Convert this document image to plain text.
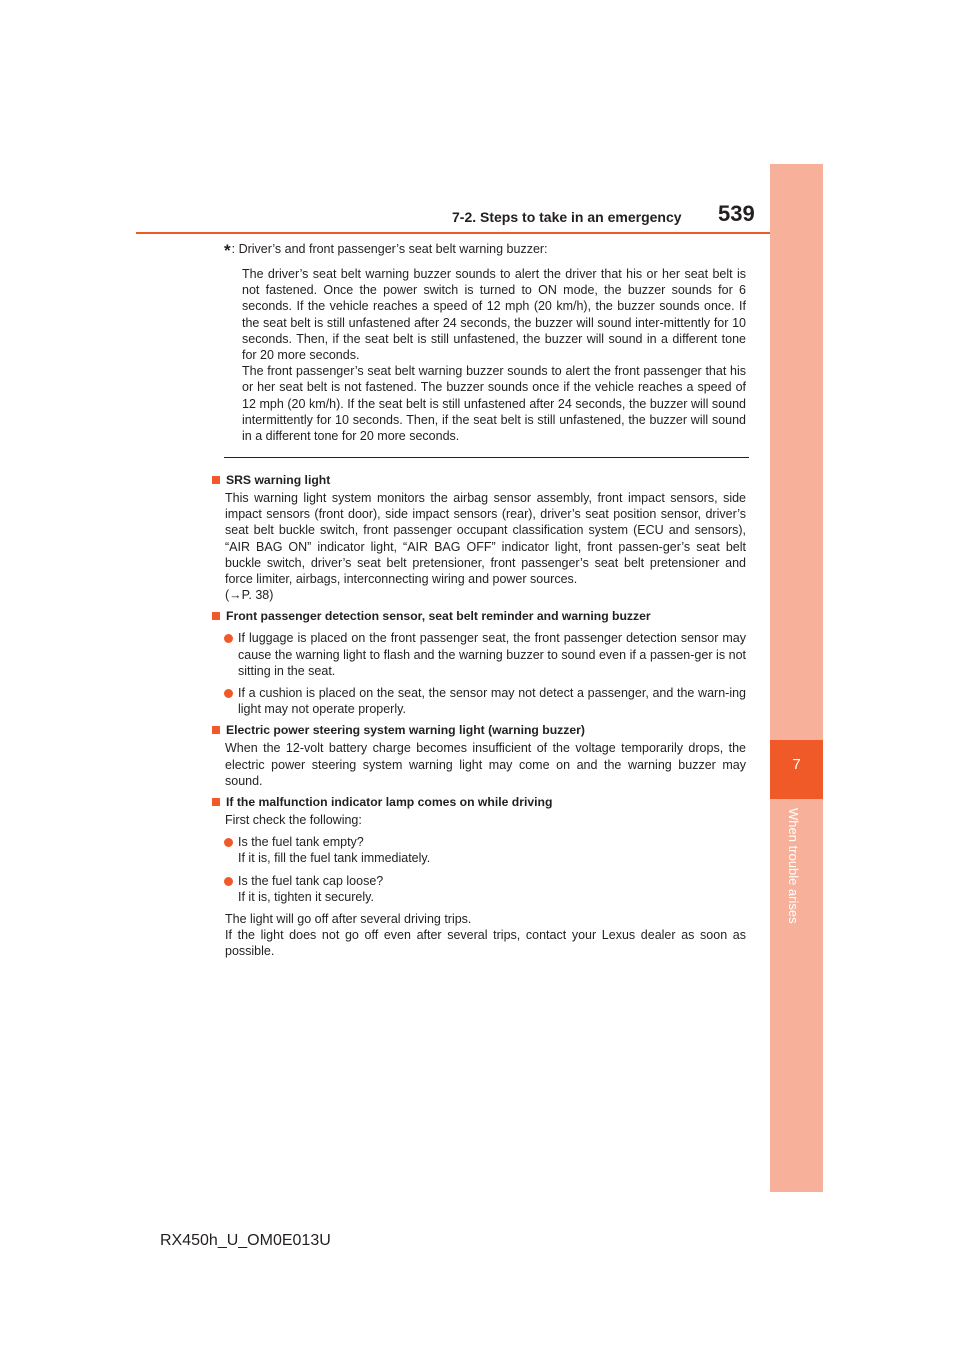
7-2. Steps to take in an emergency 539
7
When trouble arises
*: Driver’s and front passenger’s seat belt warning buzzer:

The driver’s seat belt warning buzzer sounds to alert the driver that his or her seat belt is not fastened. Once the power switch is turned to ON mode, the buzzer sounds for 6 seconds. If the vehicle reaches a speed of 12 mph (20 km/h), the buzzer sounds once. If the seat belt is still unfastened after 24 seconds, the buzzer will sound inter-mittently for 10 seconds. Then, if the seat belt is still unfastened, the buzzer will sound in a different tone for 20 more seconds.

The front passenger’s seat belt warning buzzer sounds to alert the front passenger that his or her seat belt is not fastened. The buzzer sounds once if the vehicle reaches a speed of 12 mph (20 km/h). If the seat belt is still unfastened after 24 seconds, the buzzer will sound intermittently for 10 seconds. Then, if the seat belt is still unfastened, the buzzer will sound in a different tone for 20 more seconds.

SRS warning light
This warning light system monitors the airbag sensor assembly, front impact sensors, side impact sensors (front door), side impact sensors (rear), driver’s seat position sensor, driver’s seat belt buckle switch, front passenger occupant classification system (ECU and sensors), “AIR BAG ON” indicator light, “AIR BAG OFF” indicator light, front passen-ger’s seat belt buckle switch, driver’s seat belt pretensioner, front passenger’s seat belt pretensioner and force limiter, airbags, interconnecting wiring and power sources.
(→P. 38)
Front passenger detection sensor, seat belt reminder and warning buzzer
If luggage is placed on the front passenger seat, the front passenger detection sensor may cause the warning light to flash and the warning buzzer to sound even if a passen-ger is not sitting in the seat.
If a cushion is placed on the seat, the sensor may not detect a passenger, and the warn-ing light may not operate properly.
Electric power steering system warning light (warning buzzer)
When the 12-volt battery charge becomes insufficient of the voltage temporarily drops, the electric power steering system warning light may come on and the warning buzzer may sound.
If the malfunction indicator lamp comes on while driving
First check the following:
Is the fuel tank empty?
If it is, fill the fuel tank immediately.
Is the fuel tank cap loose?
If it is, tighten it securely.
The light will go off after several driving trips.
If the light does not go off even after several trips, contact your Lexus dealer as soon as possible.
RX450h_U_OM0E013U
